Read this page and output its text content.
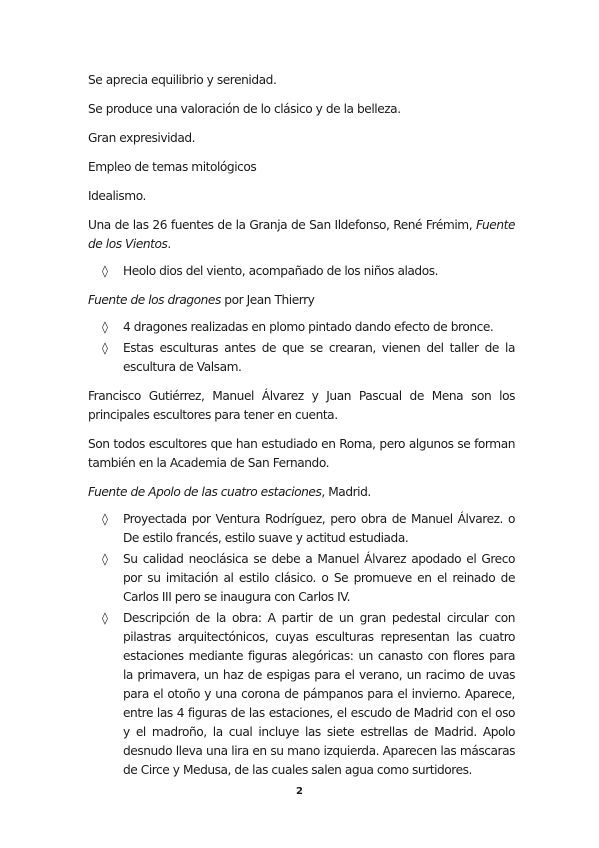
Se aprecia equilibrio y serenidad.

Se produce una valoración de lo clásico y de la belleza.

Gran expresividad.

Empleo de temas mitológicos

Idealismo.

Una de las 26 fuentes de la Granja de San Ildefonso, René Frémim, Fuente de los Vientos.

◊ Heolo dios del viento, acompañado de los niños alados.

Fuente de los dragones por Jean Thierry

◊ 4 dragones realizadas en plomo pintado dando efecto de bronce.
◊ Estas esculturas antes de que se crearan, vienen del taller de la escultura de Valsam.

Francisco Gutiérrez, Manuel Álvarez y Juan Pascual de Mena son los principales escultores para tener en cuenta.

Son todos escultores que han estudiado en Roma, pero algunos se forman también en la Academia de San Fernando.

Fuente de Apolo de las cuatro estaciones, Madrid.

◊ Proyectada por Ventura Rodríguez, pero obra de Manuel Álvarez. o De estilo francés, estilo suave y actitud estudiada.
◊ Su calidad neoclásica se debe a Manuel Álvarez apodado el Greco por su imitación al estilo clásico. o Se promueve en el reinado de Carlos III pero se inaugura con Carlos IV.
◊ Descripción de la obra: A partir de un gran pedestal circular con pilastras arquitectónicos, cuyas esculturas representan las cuatro estaciones mediante figuras alegóricas: un canasto con flores para la primavera, un haz de espigas para el verano, un racimo de uvas para el otoño y una corona de pámpanos para el invierno. Aparece, entre las 4 figuras de las estaciones, el escudo de Madrid con el oso y el madroño, la cual incluye las siete estrellas de Madrid. Apolo desnudo lleva una lira en su mano izquierda. Aparecen las máscaras de Circe y Medusa, de las cuales salen agua como surtidores.
2
